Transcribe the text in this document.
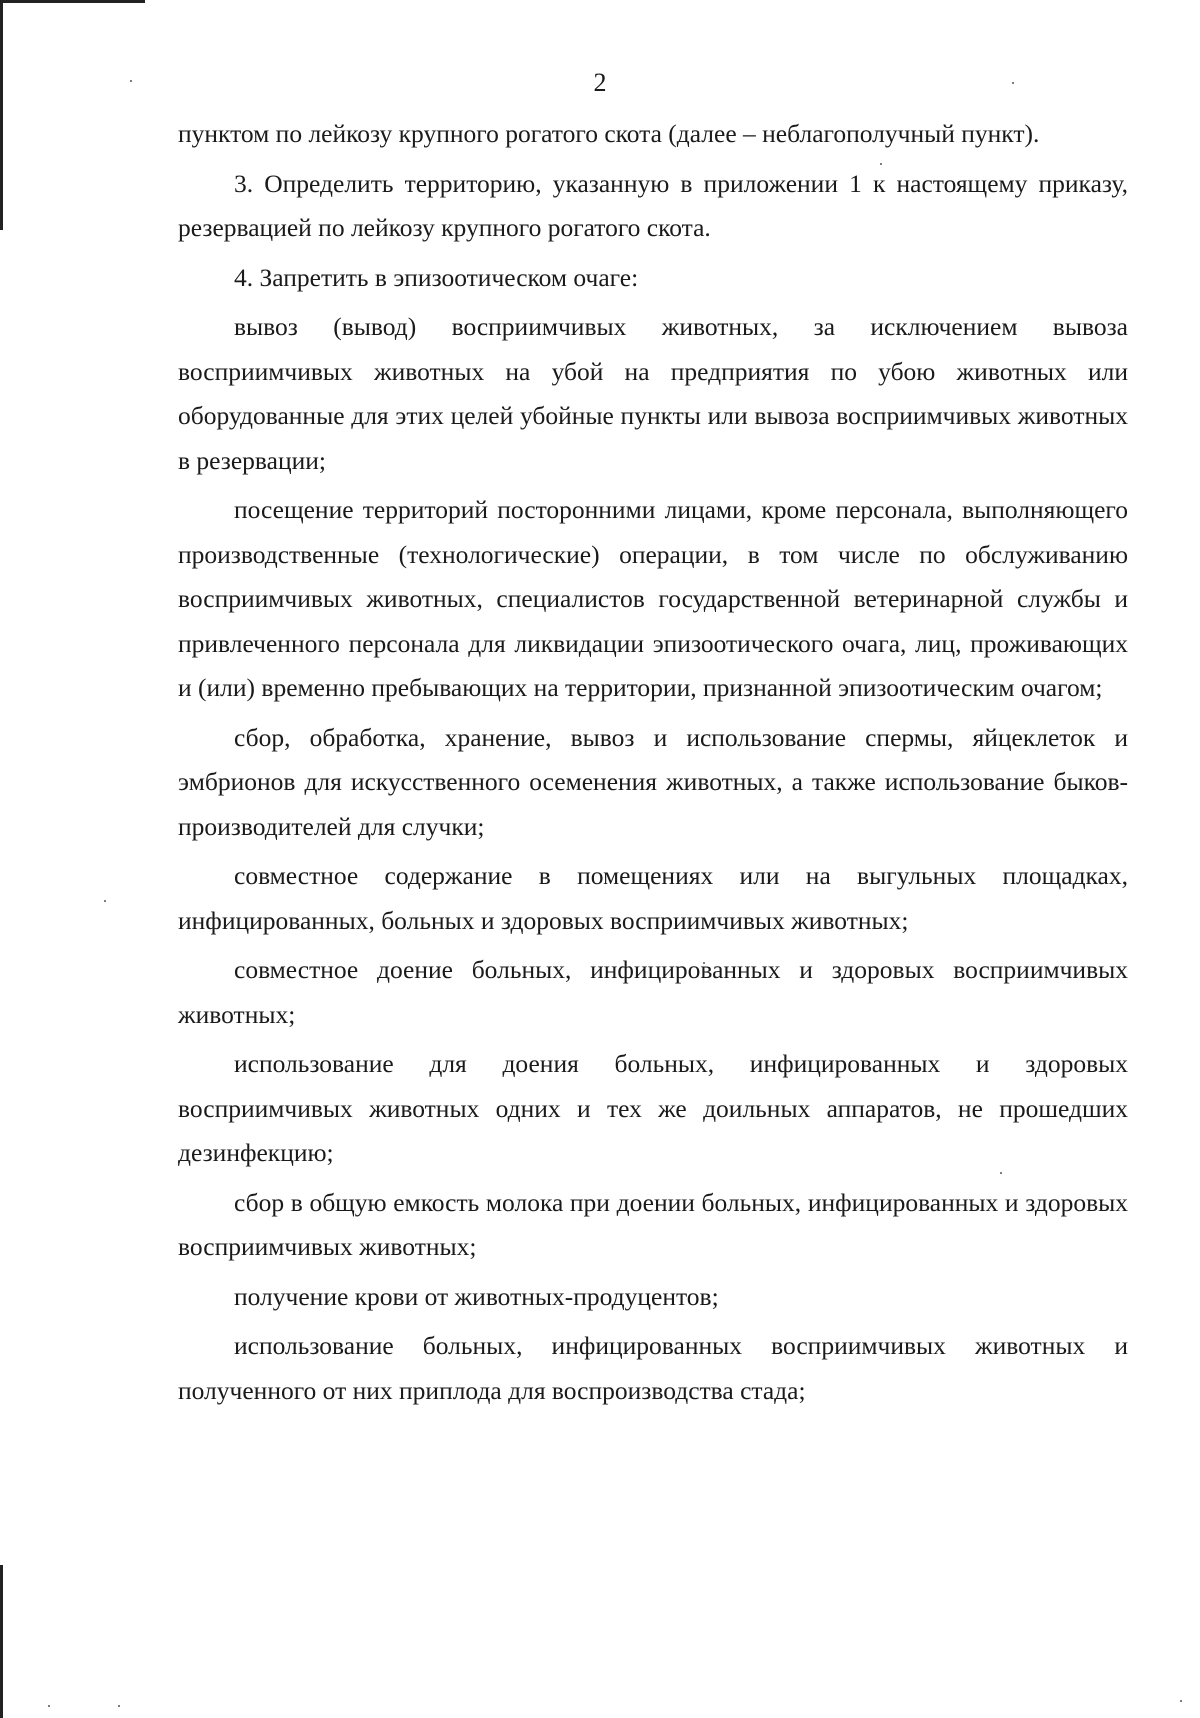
2

пунктом по лейкозу крупного рогатого скота (далее – неблагополучный пункт).

3. Определить территорию, указанную в приложении 1 к настоящему приказу, резервацией по лейкозу крупного рогатого скота.

4. Запретить в эпизоотическом очаге:

вывоз (вывод) восприимчивых животных, за исключением вывоза восприимчивых животных на убой на предприятия по убою животных или оборудованные для этих целей убойные пункты или вывоза восприимчивых животных в резервации;

посещение территорий посторонними лицами, кроме персонала, выполняющего производственные (технологические) операции, в том числе по обслуживанию восприимчивых животных, специалистов государственной ветеринарной службы и привлеченного персонала для ликвидации эпизоотического очага, лиц, проживающих и (или) временно пребывающих на территории, признанной эпизоотическим очагом;

сбор, обработка, хранение, вывоз и использование спермы, яйцеклеток и эмбрионов для искусственного осеменения животных, а также использование быков-производителей для случки;

совместное содержание в помещениях или на выгульных площадках, инфицированных, больных и здоровых восприимчивых животных;

совместное доение больных, инфицированных и здоровых восприимчивых животных;

использование для доения больных, инфицированных и здоровых восприимчивых животных одних и тех же доильных аппаратов, не прошедших дезинфекцию;

сбор в общую емкость молока при доении больных, инфицированных и здоровых восприимчивых животных;

получение крови от животных-продуцентов;

использование больных, инфицированных восприимчивых животных и полученного от них приплода для воспроизводства стада;
